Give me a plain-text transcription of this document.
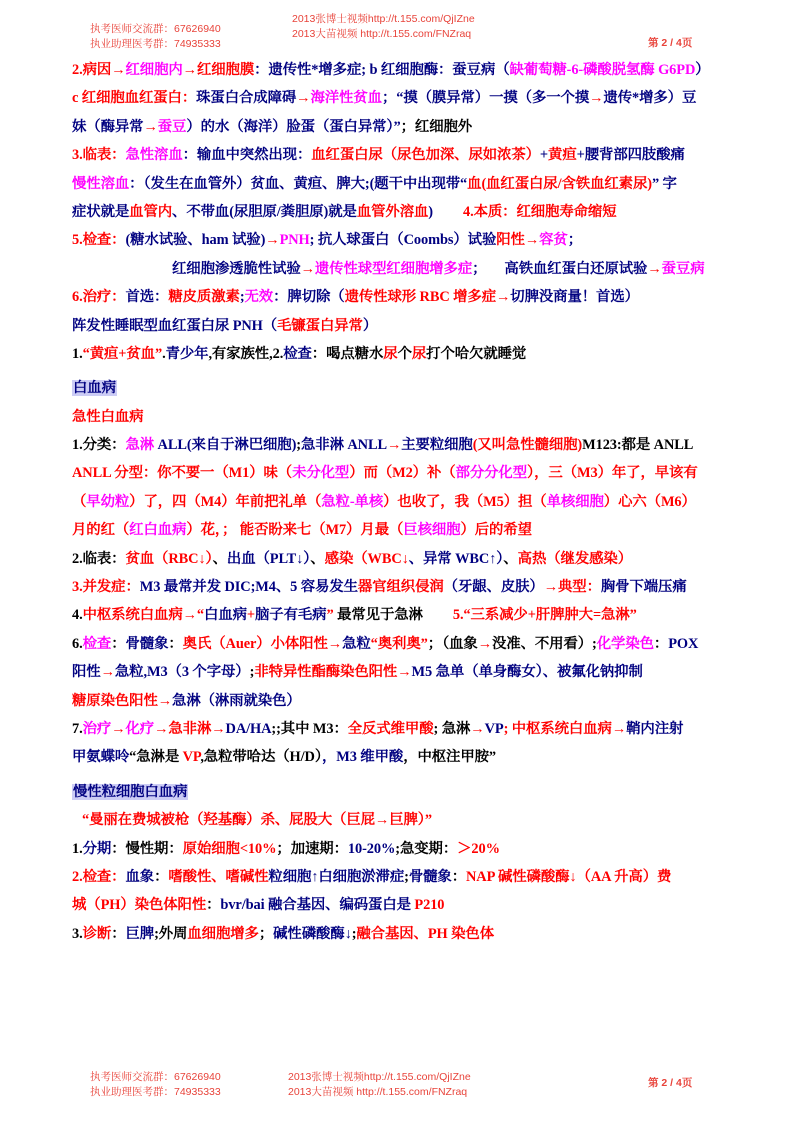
执考医师交流群：67626940
执业助理医考群：74935333
2013张博士视频http://t.155.com/QjIZne
2013大苗视频 http://t.155.com/FNZraq
第 2 / 4页
2.病因→红细胞内→红细胞膜：遗传性*增多症; b 红细胞酶：蚕豆病（缺葡萄糖-6-磷酸脱氢酶 G6PD）
c 红细胞血红蛋白：珠蛋白合成障碍→海洋性贫血；“摸（膜异常）一摸（多一个摸→遗传*增多）豆
妹（酶异常→蚕豆）的水（海洋）脸蛋（蛋白异常）”；红细胞外
3.临表：急性溶血：输血中突然出现：血红蛋白尿（尿色加深、尿如浓茶）+黄疸+腰背部四肢酸痛
慢性溶血：（发生在血管外）贫血、黄疸、脾大;(题干中出现带“血(血红蛋白尿/含铁血红素尿)” 字
症状就是血管内、不带血(尿胆原/粪胆原)就是血管外溶血) 4.本质：红细胞寿命缩短
5.检查：(糖水试验、ham 试验)→PNH; 抗人球蛋白（Coombs）试验阳性→容贫；
红细胞渗透脆性试验→遗传性球型红细胞增多症； 高铁血红蛋白还原试验→蚕豆病
6.治疗：首选：糖皮质激素;无效：脾切除（遗传性球形 RBC 增多症→切脾没商量！首选）
阵发性睡眠型血红蛋白尿 PNH（毛镰蛋白异常）
1.“黄疸+贫血”.青少年,有家族性,2.检查：喝点糖水尿个尿打个哈欠就睡觉
白血病
急性白血病
1.分类：急淋 ALL(来自于淋巴细胞);急非淋 ANLL→主要粒细胞(又叫急性髓细胞)M123:都是 ANLL
ANLL 分型：你不要一（M1）味（未分化型）而（M2）补（部分分化型），三（M3）年了，早该有
（早幼粒）了，四（M4）年前把礼单（急粒-单核）也收了，我（M5）担（单核细胞）心六（M6）
月的红（红白血病）花，； 能否盼来七（M7）月最（巨核细胞）后的希望
2.临表：贫血（RBC↓）、出血（PLT↓）、感染（WBC↓、异常 WBC↑）、高热（继发感染）
3.并发症：M3 最常并发 DIC;M4、5 容易发生器官组织侵润（牙龈、皮肤）→典型：胸骨下端压痛
4.中枢系统白血病→“白血病+脑子有毛病” 最常见于急淋 5.“三系减少+肝脾肿大=急淋”
6.检查：骨髓象：奥氏（Auer）小体阳性→急粒“奥利奥”；（血象→没准、不用看）;化学染色：POX
阳性→急粒,M3（3 个字母）;非特异性酯酶染色阳性→M5 急单（单身酶女）、被氟化钠抑制
糖原染色阳性→急淋（淋雨就染色）
7.治疗→化疗→急非淋→DA/HA;;其中 M3：全反式维甲酸; 急淋→VP; 中枢系统白血病→鞘内注射
甲氨蝶呤“急淋是 VP,急粒带哈达（H/D），M3 维甲酸，中枢注甲胺”
慢性粒细胞白血病
“曼丽在费城被枪（羟基酶）杀、屁股大（巨屁→巨脾）”
1.分期：慢性期：原始细胞<10%；加速期：10-20%;急变期：＞20%
2.检查：血象：嗜酸性、嗜碱性粒细胞↑白细胞淤滞症;骨髓象：NAP 碱性磷酸酶↓（AA 升高）费
城（PH）染色体阳性：bvr/bai 融合基因、编码蛋白是 P210
3.诊断：巨脾;外周血细胞增多；碱性磷酸酶↓;融合基因、PH 染色体
执考医师交流群：67626940
执业助理医考群：74935333
2013张博士视频http://t.155.com/QjIZne
2013大苗视频 http://t.155.com/FNZraq
第 2 / 4页
